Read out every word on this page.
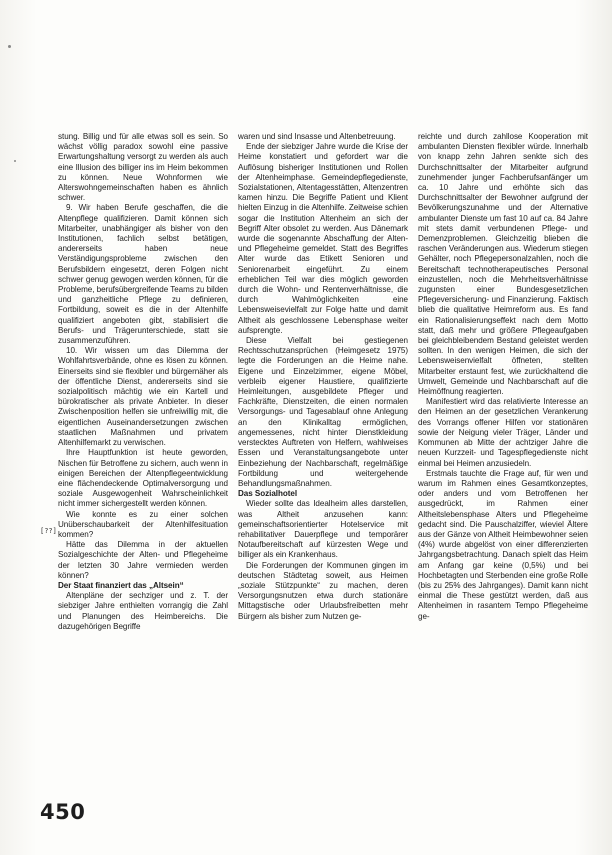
stung. Billig und für alle etwas soll es sein. So wächst völlig paradox sowohl eine passive Erwartungshaltung versorgt zu werden als auch eine Illusion des billiger ins im Heim bekommen zu können. Neue Wohnformen wie Alterswohngemeinschaften haben es ähnlich schwer.

9. Wir haben Berufe geschaffen, die die Altenpflege qualifizieren. Damit können sich Mitarbeiter, unabhängiger als bisher von den Institutionen, fachlich selbst betätigen, andererseits haben neue Verständigungsprobleme zwischen den Berufsbildern eingesetzt, deren Folgen nicht schwer genug gewogen werden können, für die Probleme, berufsübergreifende Teams zu bilden und ganzheitliche Pflege zu definieren, Fortbildung, soweit es die in der Altenhilfe qualifiziert angeboten gibt, stabilisiert die Berufs- und Trägerunterschiede, statt sie zusammenzuführen.

10. Wir wissen um das Dilemma der Wohlfahrtsverbände, ohne es lösen zu können. Einerseits sind sie flexibler und bürgernäher als der öffentliche Dienst, andererseits sind sie sozialpolitisch mächtig wie ein Kartell und bürokratischer als private Anbieter. In dieser Zwischenposition helfen sie unfreiwillig mit, die eigentlichen Auseinandersetzungen zwischen staatlichen Maßnahmen und privatem Altenhilfemarkt zu verwischen.

Ihre Hauptfunktion ist heute geworden, Nischen für Betroffene zu sichern, auch wenn in einigen Bereichen der Altenpflegeentwicklung eine flächendeckende Optimalversorgung und soziale Ausgewogenheit Wahrscheinlichkeit nicht immer sichergestellt werden können.

Wie konnte es zu einer solchen Unüberschaubarkeit der Altenhilfesituation kommen?

Hätte das Dilemma in der aktuellen Sozialgeschichte der Alten- und Pflegeheime der letzten 30 Jahre vermieden werden können?

Der Staat finanziert das „Altsein“

Altenpläne der sechziger und z. T. der siebziger Jahre enthielten vorrangig die Zahl und Planungen des Heimbereichs. Die dazugehörigen Begriffe

waren und sind Insasse und Altenbetreuung.

Ende der siebziger Jahre wurde die Krise der Heime konstatiert und gefordert war die Auflösung bisheriger Institutionen und Rollen der Altenheimphase. Gemeindepflegedienste, Sozialstationen, Altentagesstätten, Altenzentren kamen hinzu. Die Begriffe Patient und Klient hielten Einzug in die Altenhilfe. Zeitweise schien sogar die Institution Altenheim an sich der Begriff Alter obsolet zu werden. Aus Dänemark wurde die sogenannte Abschaffung der Alten- und Pflegeheime gemeldet. Statt des Begriffes Alter wurde das Etikett Senioren und Seniorenarbeit eingeführt. Zu einem erheblichen Teil war dies möglich geworden durch die Wohn- und Rentenverhältnisse, die durch Wahlmöglichkeiten eine Lebensweisevielfalt zur Folge hatte und damit Altheit als geschlossene Lebensphase weiter aufsprengte.

Diese Vielfalt bei gestiegenen Rechtsschutzansprüchen (Heimgesetz 1975) legte die Forderungen an die Heime nahe. Eigene und Einzelzimmer, eigene Möbel, verbleib eigener Haustiere, qualifizierte Heimleitungen, ausgebildete Pfleger und Fachkräfte, Dienstzeiten, die einen normalen Versorgungs- und Tagesablauf ohne Anlegung an den Klinikalltag ermöglichen, angemessenes, nicht hinter Dienstkleidung verstecktes Auftreten von Helfern, wahlweises Essen und Veranstaltungsangebote unter Einbeziehung der Nachbarschaft, regelmäßige Fortbildung und weitergehende Behandlungsmaßnahmen.

Das Sozialhotel

Wieder sollte das Idealheim alles darstellen, was Altheit anzusehen kann: gemeinschaftsorientierter Hotelservice mit rehabilitativer Dauerpflege und temporärer Notaufbereitschaft auf kürzesten Wege und billiger als ein Krankenhaus.

Die Forderungen der Kommunen gingen im deutschen Städtetag soweit, aus Heimen „soziale Stützpunkte“ zu machen, deren Versorgungsnutzen etwa durch stationäre Mittagstische oder Urlaubsfreibetten mehr Bürgern als bisher zum Nutzen ge-

reichte und durch zahllose Kooperation mit ambulanten Diensten flexibler würde. Innerhalb von knapp zehn Jahren senkte sich des Durchschnittsalter der Mitarbeiter aufgrund zunehmender junger Fachberufsanfänger um ca. 10 Jahre und erhöhte sich das Durchschnittsalter der Bewohner aufgrund der Bevölkerungszunahme und der Alternative ambulanter Dienste um fast 10 auf ca. 84 Jahre mit stets damit verbundenen Pflege- und Demenzproblemen. Gleichzeitig blieben die raschen Veränderungen aus. Wiederum stiegen Gehälter, noch Pflegepersonalzahlen, noch die Bereitschaft technotherapeutisches Personal einzustellen, noch die Mehrheitsverhältnisse zugunsten einer Bundesgesetzlichen Pflegeversicherung- und Finanzierung. Faktisch blieb die qualitative Heimreform aus. Es fand ein Rationalisierungseffekt nach dem Motto statt, daß mehr und größere Pflegeaufgaben bei gleichbleibendem Bestand geleistet werden sollten. In den wenigen Heimen, die sich der Lebensweisenvielfalt öffneten, stellten Mitarbeiter erstaunt fest, wie zurückhaltend die Umwelt, Gemeinde und Nachbarschaft auf die Heimöffnung reagierten.

Manifestiert wird das relativierte Interesse an den Heimen an der gesetzlichen Verankerung des Vorrangs offener Hilfen vor stationären sowie der Neigung vieler Träger, Länder und Kommunen ab Mitte der achtziger Jahre die neuen Kurzzeit- und Tagespflegedienste nicht einmal bei Heimen anzusiedeln.

Erstmals tauchte die Frage auf, für wen und warum im Rahmen eines Gesamtkonzeptes, oder anders und vom Betroffenen her ausgedrückt, im Rahmen einer Altheitslebensphase Alters und Pflegeheime gedacht sind. Die Pauschalziffer, wieviel Ältere aus der Gänze von Altheit Heimbewohner seien (4%) wurde abgelöst von einer differenzierten Jahrgangsbetrachtung. Danach spielt das Heim am Anfang gar keine (0,5%) und bei Hochbetagten und Sterbenden eine große Rolle (bis zu 25% des Jahrganges). Damit kann nicht einmal die These gestützt werden, daß aus Altenheimen in rasantem Tempo Pflegeheime ge-

[??]
450
